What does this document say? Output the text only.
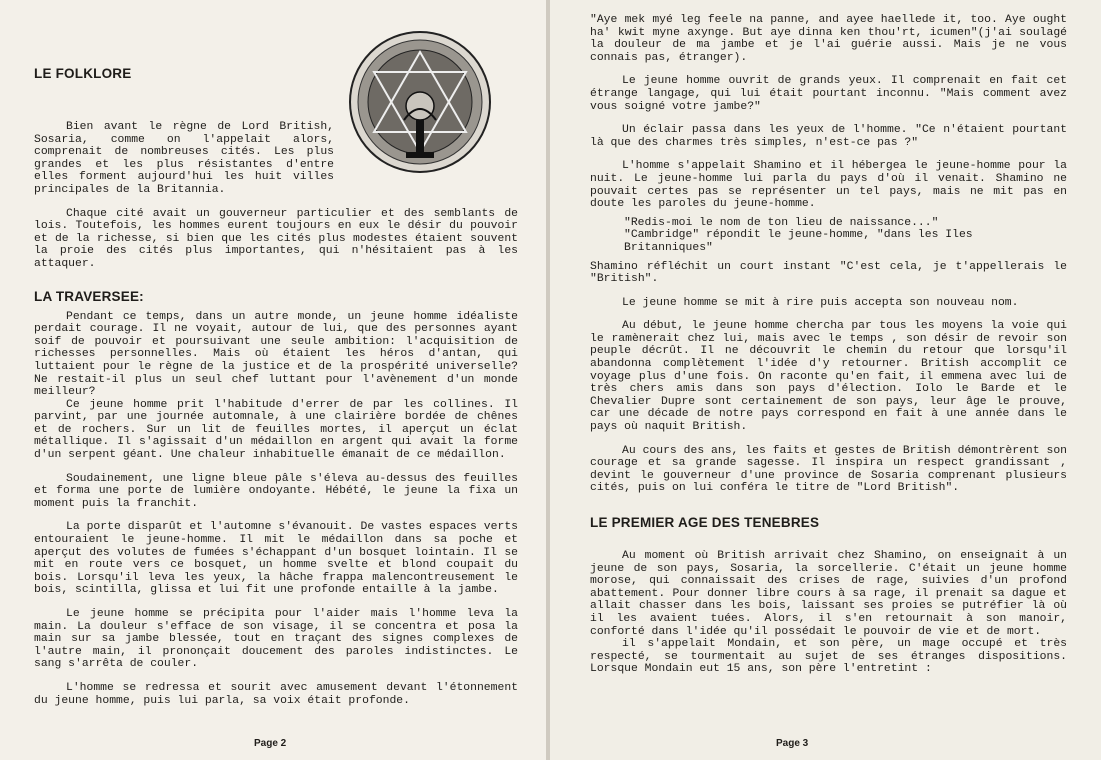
LE FOLKLORE

Bien avant le règne de Lord British, Sosaria, comme on l'appelait alors, comprenait de nombreuses cités. Les plus grandes et les plus résistantes d'entre elles forment aujourd'hui les huit villes principales de la Britannia.

Chaque cité avait un gouverneur particulier et des semblants de lois. Toutefois, les hommes eurent toujours en eux le désir du pouvoir et de la richesse, si bien que les cités plus modestes étaient souvent la proie des cités plus importantes, qui n'hésitaient pas à les attaquer.

LA TRAVERSEE:

Pendant ce temps, dans un autre monde, un jeune homme idéaliste perdait courage. Il ne voyait, autour de lui, que des personnes ayant soif de pouvoir et poursuivant une seule ambition: l'acquisition de richesses personnelles. Mais où étaient les héros d'antan, qui luttaient pour le règne de la justice et de la prospérité universelle? Ne restait-il plus un seul chef luttant pour l'avènement d'un monde meilleur?

Ce jeune homme prit l'habitude d'errer de par les collines. Il parvint, par une journée automnale, à une clairière bordée de chênes et de rochers. Sur un lit de feuilles mortes, il aperçut un éclat métallique. Il s'agissait d'un médaillon en argent qui avait la forme d'un serpent géant. Une chaleur inhabituelle émanait de ce médaillon.

Soudainement, une ligne bleue pâle s'éleva au-dessus des feuilles et forma une porte de lumière ondoyante. Hébété, le jeune la fixa un moment puis la franchit.

La porte disparût et l'automne s'évanouit. De vastes espaces verts entouraient le jeune-homme. Il mit le médaillon dans sa poche et aperçut des volutes de fumées s'échappant d'un bosquet lointain. Il se mit en route vers ce bosquet, un homme svelte et blond coupait du bois. Lorsqu'il leva les yeux, la hâche frappa malencontreusement le bois, scintilla, glissa et lui fit une profonde entaille à la jambe.

Le jeune homme se précipita pour l'aider mais l'homme leva la main. La douleur s'efface de son visage, il se concentra et posa la main sur sa jambe blessée, tout en traçant des signes complexes de l'autre main, il prononçait doucement des paroles indistinctes. Le sang s'arrêta de couler.

L'homme se redressa et sourit avec amusement devant l'étonnement du jeune homme, puis lui parla, sa voix était profonde.

Page 2

"Aye mek myé leg feele na panne, and ayee haellede it, too. Aye ought ha' kwit myne axynge. But aye dinna ken thou'rt, icumen"(j'ai soulagé la douleur de ma jambe et je l'ai guérie aussi. Mais je ne vous connais pas, étranger).

Le jeune homme ouvrit de grands yeux. Il comprenait en fait cet étrange langage, qui lui était pourtant inconnu. "Mais comment avez vous soigné votre jambe?"

Un éclair passa dans les yeux de l'homme. "Ce n'étaient pourtant là que des charmes très simples, n'est-ce pas ?"

L'homme s'appelait Shamino et il hébergea le jeune-homme pour la nuit. Le jeune-homme lui parla du pays d'où il venait. Shamino ne pouvait certes pas se représenter un tel pays, mais ne mit pas en doute les paroles du jeune-homme.

"Redis-moi le nom de ton lieu de naissance..."

"Cambridge" répondit le jeune-homme, "dans les Iles Britanniques"

Shamino réfléchit un court instant "C'est cela, je t'appellerais le "British".

Le jeune homme se mit à rire puis accepta son nouveau nom.

Au début, le jeune homme chercha par tous les moyens la voie qui le ramènerait chez lui, mais avec le temps , son désir de revoir son peuple décrût. Il ne découvrit le chemin du retour que lorsqu'il abandonna complètement l'idée d'y retourner. British accomplit ce voyage plus d'une fois. On raconte qu'en fait, il emmena avec lui de très chers amis dans son pays d'élection. Iolo le Barde et le Chevalier Dupre sont certainement de son pays, leur âge le prouve, car une décade de notre pays correspond en fait à une année dans le pays où naquit British.

Au cours des ans, les faits et gestes de British démontrèrent son courage et sa grande sagesse. Il inspira un respect grandissant , devint le gouverneur d'une province de Sosaria comprenant plusieurs cités, puis on lui conféra le titre de "Lord British".

LE PREMIER AGE DES TENEBRES

Au moment où British arrivait chez Shamino, on enseignait à un jeune de son pays, Sosaria, la sorcellerie. C'était un jeune homme morose, qui connaissait des crises de rage, suivies d'un profond abattement. Pour donner libre cours à sa rage, il prenait sa dague et allait chasser dans les bois, laissant ses proies se putréfier là où il les avaient tuées. Alors, il s'en retournait à son manoir, conforté dans l'idée qu'il possédait le pouvoir de vie et de mort.

il s'appelait Mondain, et son père, un mage occupé et très respecté, se tourmentait au sujet de ses étranges dispositions. Lorsque Mondain eut 15 ans, son père l'entretint :

Page 3
